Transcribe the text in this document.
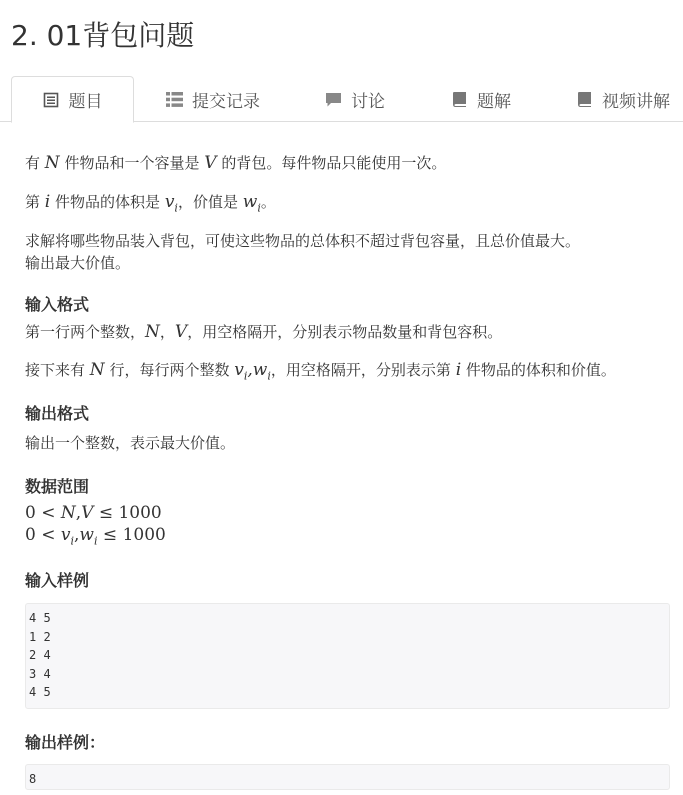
2. 01背包问题
题目	提交记录	讨论	题解	视频讲解

有 N 件物品和一个容量是 V 的背包。每件物品只能使用一次。

第 i 件物品的体积是 $v_i$，价值是 $w_i$。

求解将哪些物品装入背包，可使这些物品的总体积不超过背包容量，且总价值最大。

输出最大价值。

输入格式

第一行两个整数，N，V，用空格隔开，分别表示物品数量和背包容积。

接下来有 N 行，每行两个整数 $v_i,w_i$，用空格隔开，分别表示第 i 件物品的体积和价值。

输出格式

输出一个整数，表示最大价值。

数据范围

0 < N,V ≤ 1000

$0 < v_i,w_i \le 1000$

输入样例
4 5
1 2
2 4
3 4
4 5
输出样例：
8
